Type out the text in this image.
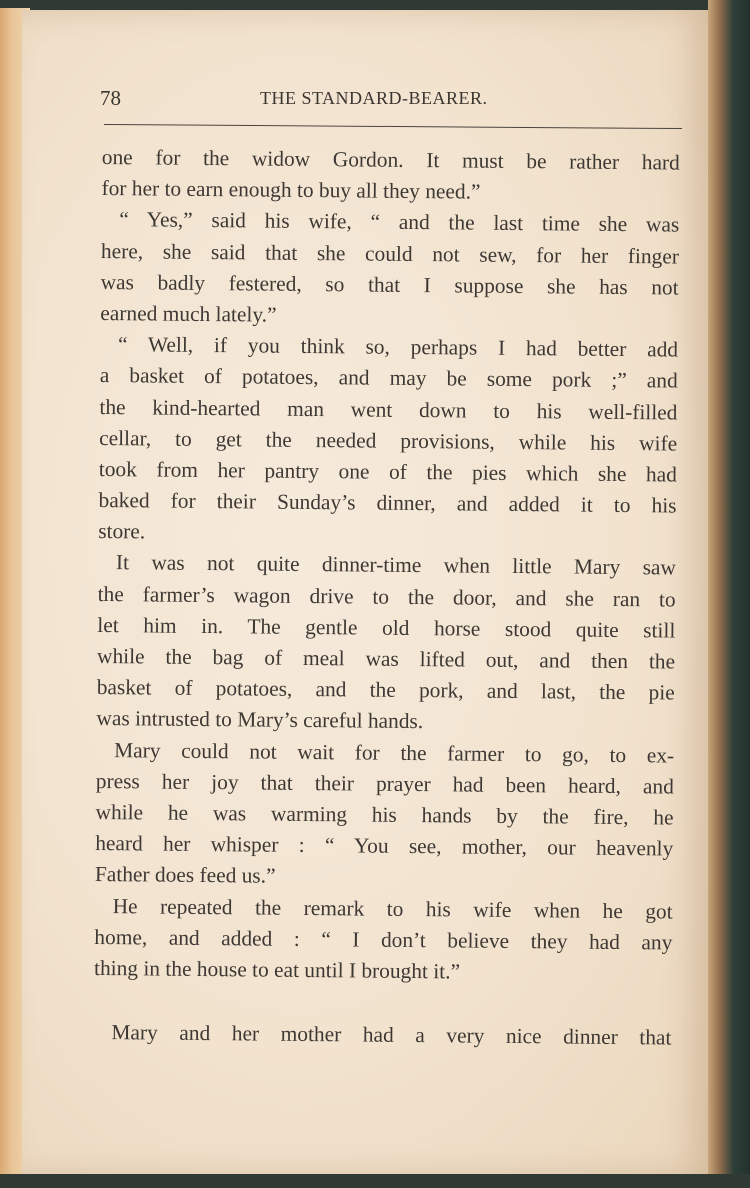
78	THE STANDARD-BEARER.
one for the widow Gordon. It must be rather hard
for her to earn enough to buy all they need.”
“ Yes,” said his wife, “ and the last time she was
here, she said that she could not sew, for her finger
was badly festered, so that I suppose she has not
earned much lately.”
“ Well, if you think so, perhaps I had better add
a basket of potatoes, and may be some pork ;” and
the kind-hearted man went down to his well-filled
cellar, to get the needed provisions, while his wife
took from her pantry one of the pies which she had
baked for their Sunday’s dinner, and added it to his
store.
It was not quite dinner-time when little Mary saw
the farmer’s wagon drive to the door, and she ran to
let him in. The gentle old horse stood quite still
while the bag of meal was lifted out, and then the
basket of potatoes, and the pork, and last, the pie
was intrusted to Mary’s careful hands.
Mary could not wait for the farmer to go, to ex-
press her joy that their prayer had been heard, and
while he was warming his hands by the fire, he
heard her whisper : “ You see, mother, our heavenly
Father does feed us.”
He repeated the remark to his wife when he got
home, and added : “ I don’t believe they had any
thing in the house to eat until I brought it.”
Mary and her mother had a very nice dinner that
